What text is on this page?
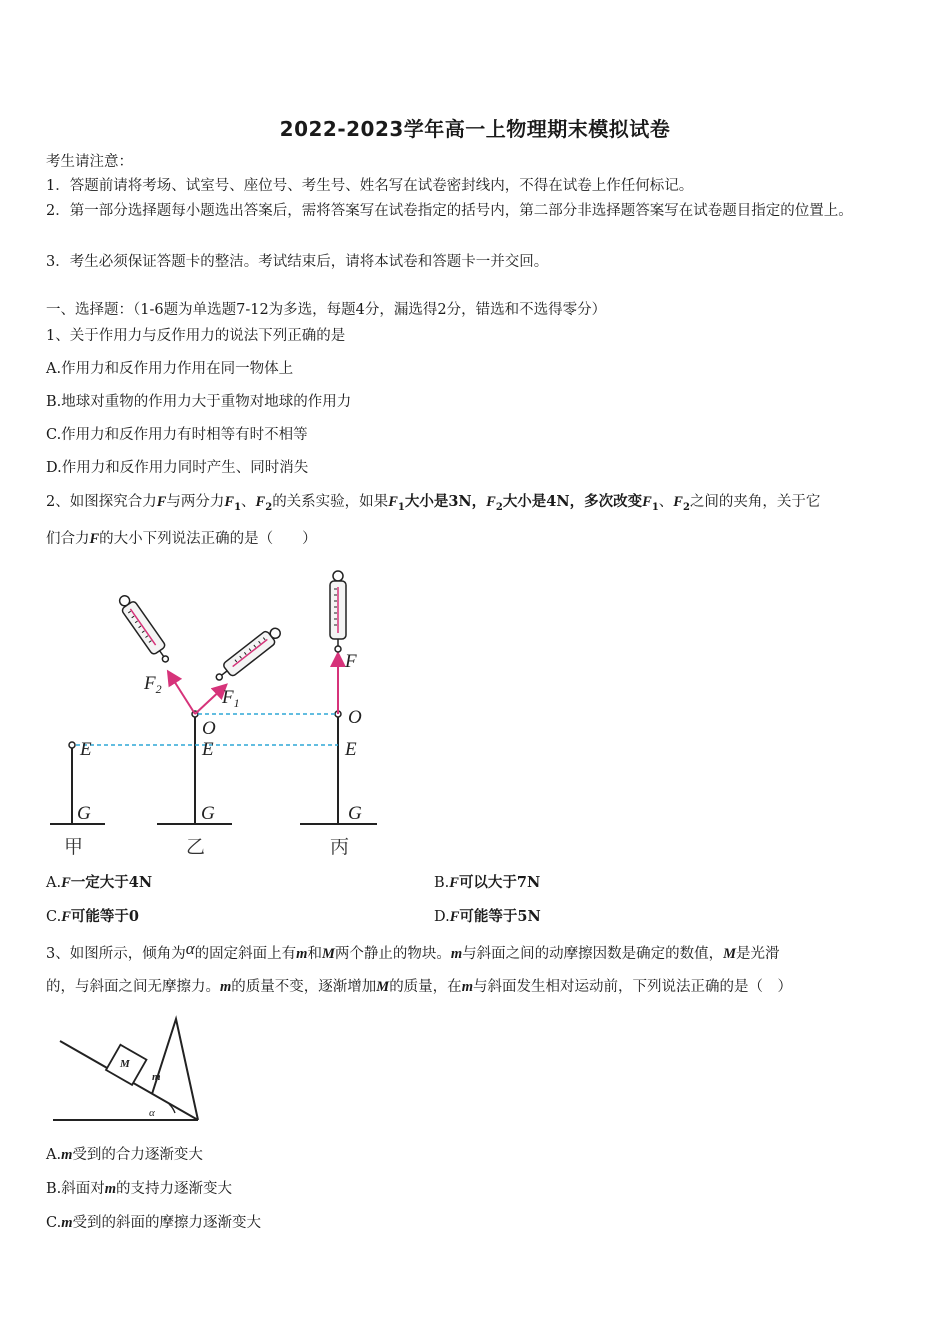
2022-2023学年高一上物理期末模拟试卷
考生请注意：
1．答题前请将考场、试室号、座位号、考生号、姓名写在试卷密封线内，不得在试卷上作任何标记。
2．第一部分选择题每小题选出答案后，需将答案写在试卷指定的括号内，第二部分非选择题答案写在试卷题目指定的位置上。
3．考生必须保证答题卡的整洁。考试结束后，请将本试卷和答题卡一并交回。
一、选择题：（1-6题为单选题7-12为多选，每题4分，漏选得2分，错选和不选得零分）
1、关于作用力与反作用力的说法下列正确的是
A.作用力和反作用力作用在同一物体上
B.地球对重物的作用力大于重物对地球的作用力
C.作用力和反作用力有时相等有时不相等
D.作用力和反作用力同时产生、同时消失
2、如图探究合力F与两分力$F_1$、$F_2$的关系实验，如果$F_1$大小是3N，$F_2$大小是4N，多次改变$F_1$、$F_2$之间的夹角，关于它
们合力F的大小下列说法正确的是（　　）
$F_2$	$F_1$
F
O
O
E	E	E
G	G	G
甲	乙	丙
A.F一定大于4N	B.F可以大于7N
C.F可能等于0	D.F可能等于5N
3、如图所示，倾角为α的固定斜面上有m和M两个静止的物块。m与斜面之间的动摩擦因数是确定的数值，M是光滑
的，与斜面之间无摩擦力。m的质量不变，逐渐增加M的质量，在m与斜面发生相对运动前，下列说法正确的是（　）
M
m
α
A.m受到的合力逐渐变大
B.斜面对m的支持力逐渐变大
C.m受到的斜面的摩擦力逐渐变大
